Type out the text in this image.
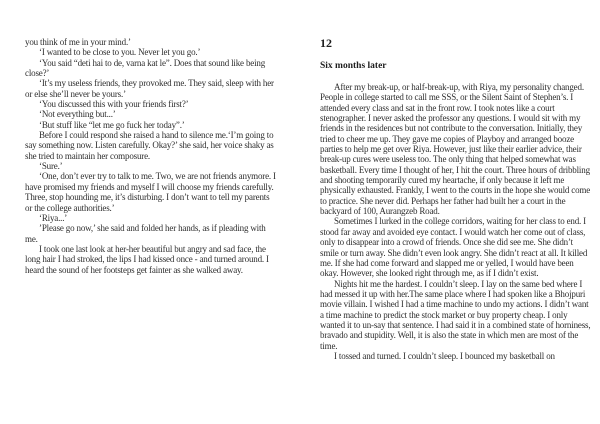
you think of me in your mind.’

‘I wanted to be close to you. Never let you go.’

‘You said “deti hai to de, varna kat le”. Does that sound like being close?’

‘It’s my useless friends, they provoked me. They said, sleep with her or else she’ll never be yours.’

‘You discussed this with your friends first?’

‘Not everything but...’

‘But stuff like “let me go fuck her today”.’

Before I could respond she raised a hand to silence me.‘I’m going to say something now. Listen carefully. Okay?’ she said, her voice shaky as she tried to maintain her composure.

‘Sure.’

‘One, don’t ever try to talk to me. Two, we are not friends anymore. I have promised my friends and myself I will choose my friends carefully. Three, stop hounding me, it’s disturbing. I don’t want to tell my parents or the college authorities.’

‘Riya...’

’Please go now,’ she said and folded her hands, as if pleading with me.

I took one last look at her-her beautiful but angry and sad face, the long hair I had stroked, the lips I had kissed once - and turned around. I heard the sound of her footsteps get fainter as she walked away.

12
Six months later

After my break-up, or half-break-up, with Riya, my personality changed. People in college started to call me SSS, or the Silent Saint of Stephen’s. I attended every class and sat in the front row. I took notes like a court stenographer. I never asked the professor any questions. I would sit with my friends in the residences but not contribute to the conversation. Initially, they tried to cheer me up. They gave me copies of Playboy and arranged booze parties to help me get over Riya. However, just like their earlier advice, their break-up cures were useless too. The only thing that helped somewhat was basketball. Every time I thought of her, I hit the court. Three hours of dribbling and shooting temporarily cured my heartache, if only because it left me physically exhausted. Frankly, I went to the courts in the hope she would come to practice. She never did. Perhaps her father had built her a court in the backyard of 100, Aurangzeb Road.

Sometimes I lurked in the college corridors, waiting for her class to end. I stood far away and avoided eye contact. I would watch her come out of class, only to disappear into a crowd of friends. Once she did see me. She didn’t smile or turn away. She didn’t even look angry. She didn’t react at all. It killed me. If she had come forward and slapped me or yelled, I would have been okay. However, she looked right through me, as if I didn’t exist.

Nights hit me the hardest. I couldn’t sleep. I lay on the same bed where I had messed it up with her.The same place where I had spoken like a Bhojpuri movie villain. I wished I had a time machine to undo my actions. I didn’t want a time machine to predict the stock market or buy property cheap. I only wanted it to un-say that sentence. I had said it in a combined state of horniness, bravado and stupidity. Well, it is also the state in which men are most of the time.

I tossed and turned. I couldn’t sleep. I bounced my basketball on
